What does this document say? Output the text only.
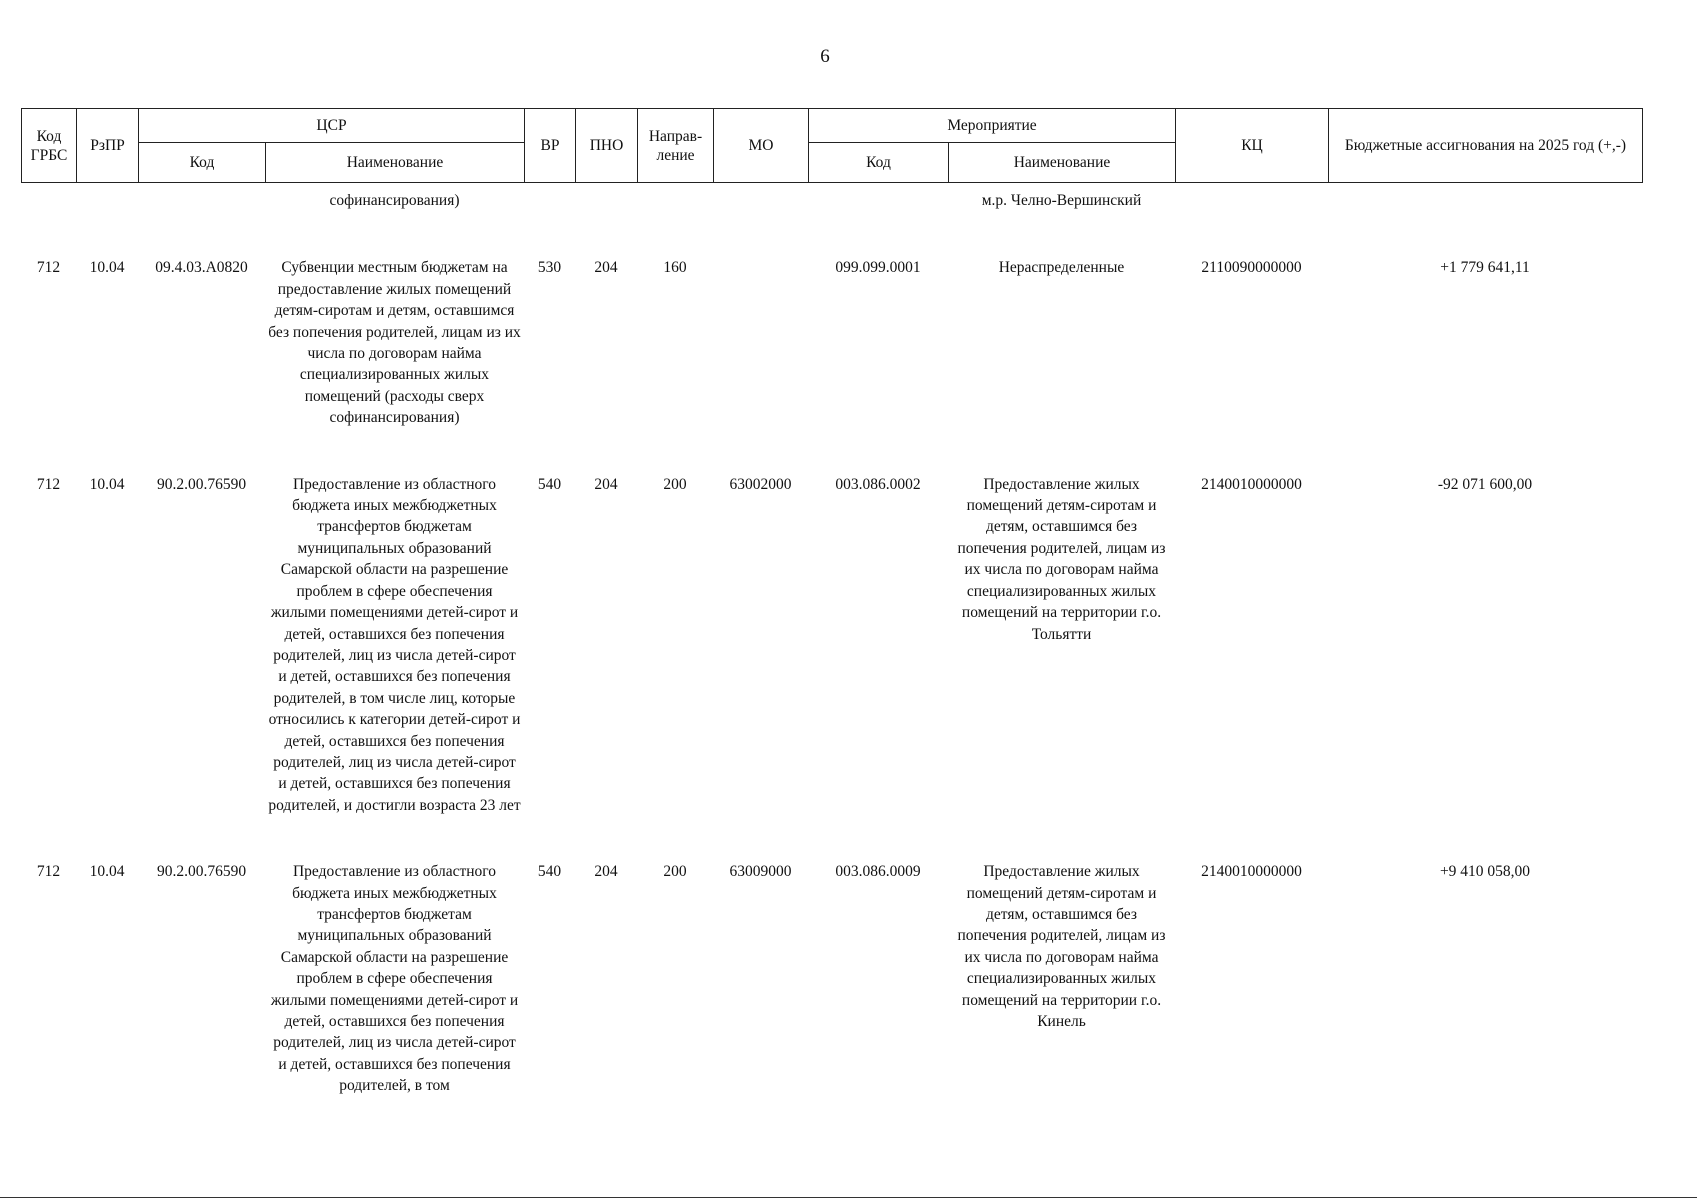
6
Код ГРБС	РзПР	ЦСР		ВР	ПНО	Направ-ление	МО	Мероприятие		КЦ	Бюджетные ассигнования на 2025 год (+,-)
		Код	Наименование					Код	Наименование		
			софинансирования)						м.р. Челно-Вершинский		
712	10.04	09.4.03.А0820	Субвенции местным бюджетам на предоставление жилых помещений детям-сиротам и детям, оставшимся без попечения родителей, лицам из их числа по договорам найма специализированных жилых помещений (расходы сверх софинансирования)	530	204	160		099.099.0001	Нераспределенные	2110090000000	+1 779 641,11
712	10.04	90.2.00.76590	Предоставление из областного бюджета иных межбюджетных трансфертов бюджетам муниципальных образований Самарской области на разрешение проблем в сфере обеспечения жилыми помещениями детей-сирот и детей, оставшихся без попечения родителей, лиц из числа детей-сирот и детей, оставшихся без попечения родителей, в том числе лиц, которые относились к категории детей-сирот и детей, оставшихся без попечения родителей, лиц из числа детей-сирот и детей, оставшихся без попечения родителей, и достигли возраста 23 лет	540	204	200	63002000	003.086.0002	Предоставление жилых помещений детям-сиротам и детям, оставшимся без попечения родителей, лицам из их числа по договорам найма специализированных жилых помещений на территории г.о. Тольятти	2140010000000	-92 071 600,00
712	10.04	90.2.00.76590	Предоставление из областного бюджета иных межбюджетных трансфертов бюджетам муниципальных образований Самарской области на разрешение проблем в сфере обеспечения жилыми помещениями детей-сирот и детей, оставшихся без попечения родителей, лиц из числа детей-сирот и детей, оставшихся без попечения родителей, в том	540	204	200	63009000	003.086.0009	Предоставление жилых помещений детям-сиротам и детям, оставшимся без попечения родителей, лицам из их числа по договорам найма специализированных жилых помещений на территории г.о. Кинель	2140010000000	+9 410 058,00
